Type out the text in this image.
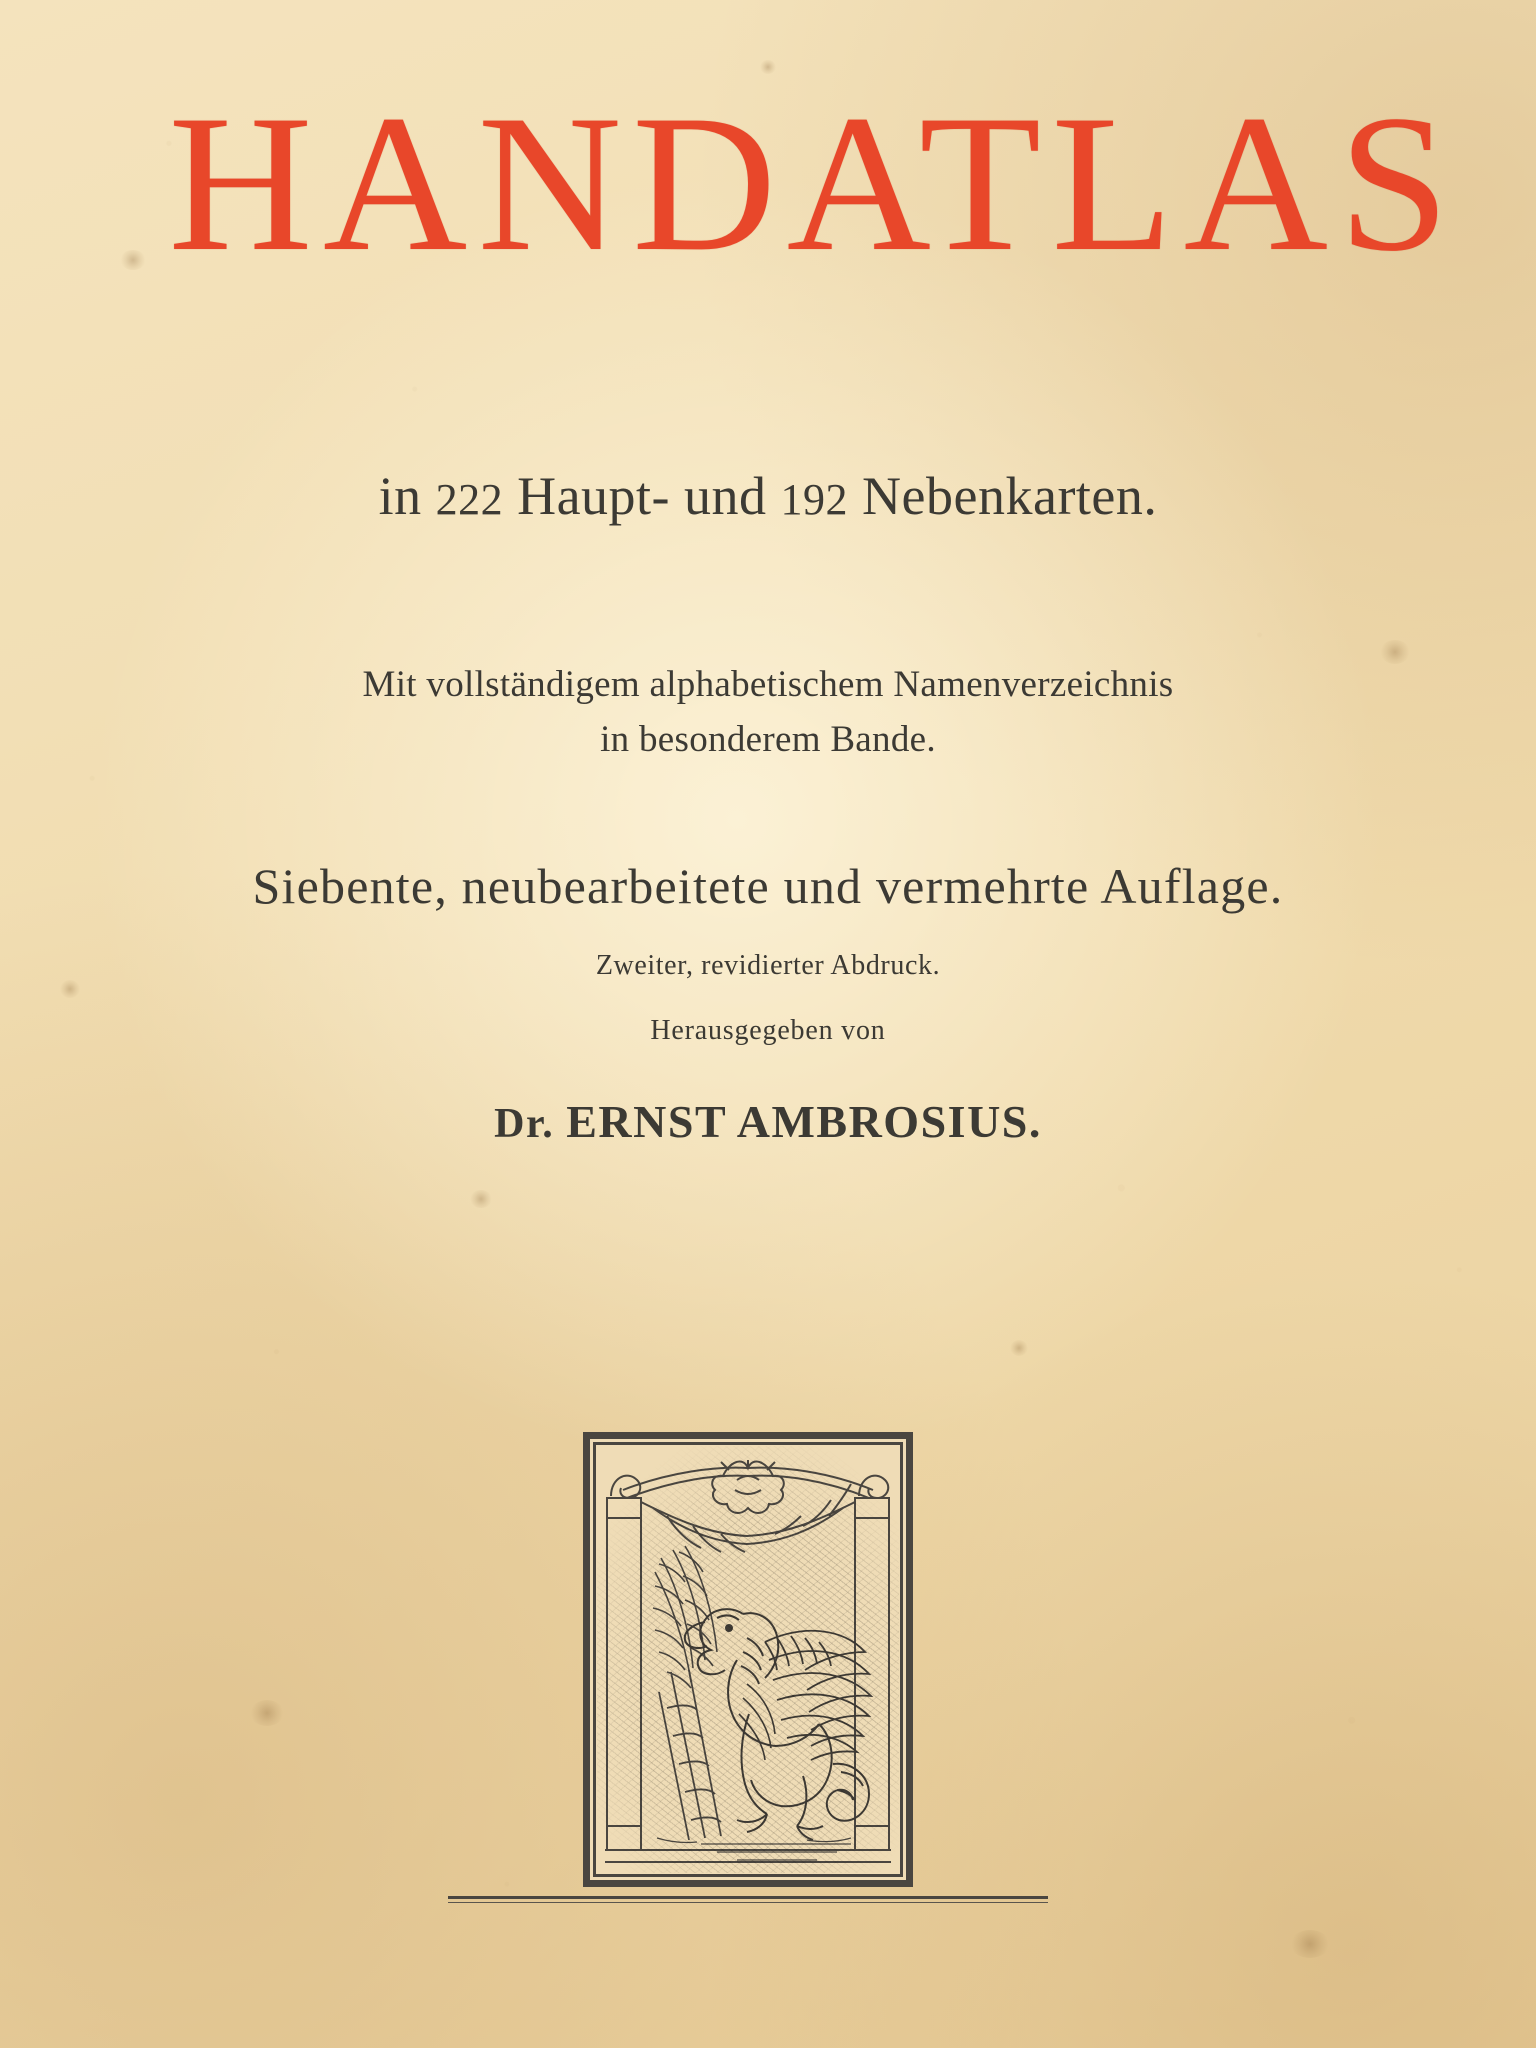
HANDATLAS
in 222 Haupt- und 192 Nebenkarten.
Mit vollständigem alphabetischem Namenverzeichnis
in besonderem Bande.
Siebente, neubearbeitete und vermehrte Auflage.
Zweiter, revidierter Abdruck.
Herausgegeben von
Dr. ERNST AMBROSIUS.
